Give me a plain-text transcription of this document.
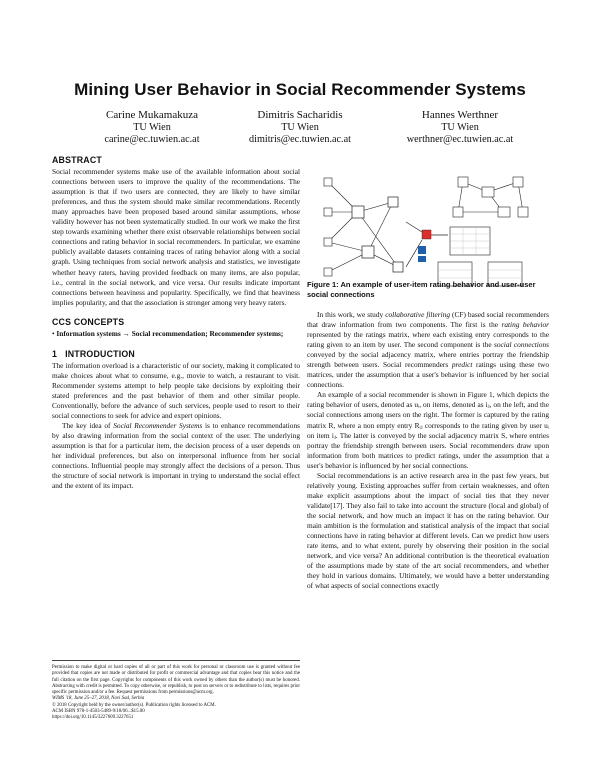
Mining User Behavior in Social Recommender Systems
Carine Mukamakuza
TU Wien
carine@ec.tuwien.ac.at
Dimitris Sacharidis
TU Wien
dimitris@ec.tuwien.ac.at
Hannes Werthner
TU Wien
werthner@ec.tuwien.ac.at
ABSTRACT

Social recommender systems make use of the available information about social connections between users to improve the quality of the recommendations. The assumption is that if two users are connected, they are likely to have similar preferences, and thus the system should make similar recommendations. Recently many approaches have been proposed based around similar assumptions, whose validity however has not been systematically studied. In our work we make the first step towards examining whether there exist observable relationships between social connections and rating behavior in social recommenders. In particular, we examine publicly available datasets containing traces of rating behavior along with a social graph. Using techniques from social network analysis and statistics, we investigate whether heavy raters, having provided feedback on many items, are also popular, i.e., central in the social network, and vice versa. Our results indicate important connections between heaviness and popularity. Specifically, we find that heaviness implies popularity, and that the association is stronger among very heavy raters.

CCS CONCEPTS

• Information systems → Social recommendation; Recommender systems;

1 INTRODUCTION

The information overload is a characteristic of our society, making it complicated to make choices about what to consume, e.g., movie to watch, a restaurant to visit. Recommender systems attempt to help people take decisions by exploiting their stated preferences and the past behavior of them and other similar people. Conventionally, before the advance of such services, people used to resort to their social connections to seek for advice and expert opinions.

The key idea of Social Recommender Systems is to enhance recommendations by also drawing information from the social context of the user. The underlying assumption is that for a particular item, the decision process of a user depends on her individual preferences, but also on interpersonal influence from her social connections. Influential people may strongly affect the decisions of a person. Thus the structure of social network is important in trying to understand the social effect and the extent of its impact.

Permission to make digital or hard copies of all or part of this work for personal or classroom use is granted without fee provided that copies are not made or distributed for profit or commercial advantage and that copies bear this notice and the full citation on the first page. Copyrights for components of this work owned by others than the author(s) must be honored. Abstracting with credit is permitted. To copy otherwise, or republish, to post on servers or to redistribute to lists, requires prior specific permission and/or a fee. Request permissions from permissions@acm.org.

WIMS '18, June 25–27, 2018, Novi Sad, Serbia

© 2018 Copyright held by the owner/author(s). Publication rights licensed to ACM.

ACM ISBN 978-1-4503-5489-9/18/06...$15.00

https://doi.org/10.1145/3227609.3227651

Figure 1: An example of user-item rating behavior and user-user social connections

In this work, we study collaborative filtering (CF) based social recommenders that draw information from two components. The first is the rating behavior represented by the ratings matrix, where each existing entry corresponds to the rating given to an item by user. The second component is the social connections conveyed by the social adjacency matrix, where entries portray the friendship strength between users. Social recommenders predict ratings using these two matrices, under the assumption that a user's behavior is influenced by her social connections.

An example of a social recommender is shown in Figure 1, which depicts the rating behavior of users, denoted as uᵢ, on items, denoted as iⱼ, on the left, and the social connections among users on the right. The former is captured by the rating matrix R, where a non empty entry Rᵢⱼ corresponds to the rating given by user uᵢ on item iⱼ. The latter is conveyed by the social adjacency matrix S, where entries portray the friendship strength between users. Social recommenders draw upon information from both matrices to predict ratings, under the assumption that a user's behavior is influenced by her social connections.

Social recommendations is an active research area in the past few years, but relatively young. Existing approaches suffer from certain weaknesses, and often make explicit assumptions about the impact of social ties that they never validate[17]. They also fail to take into account the structure (local and global) of the social network, and how much an impact it has on the rating behavior. Our main ambition is the formulation and statistical analysis of the impact that social connections have in rating behavior at different levels. Can we predict how users rate items, and to what extent, purely by observing their position in the social network, and vice versa? An additional contribution is the theoretical evaluation of the assumptions made by state of the art social recommenders, and whether they hold in various domains. Ultimately, we would have a better understanding of what aspects of social connections exactly
